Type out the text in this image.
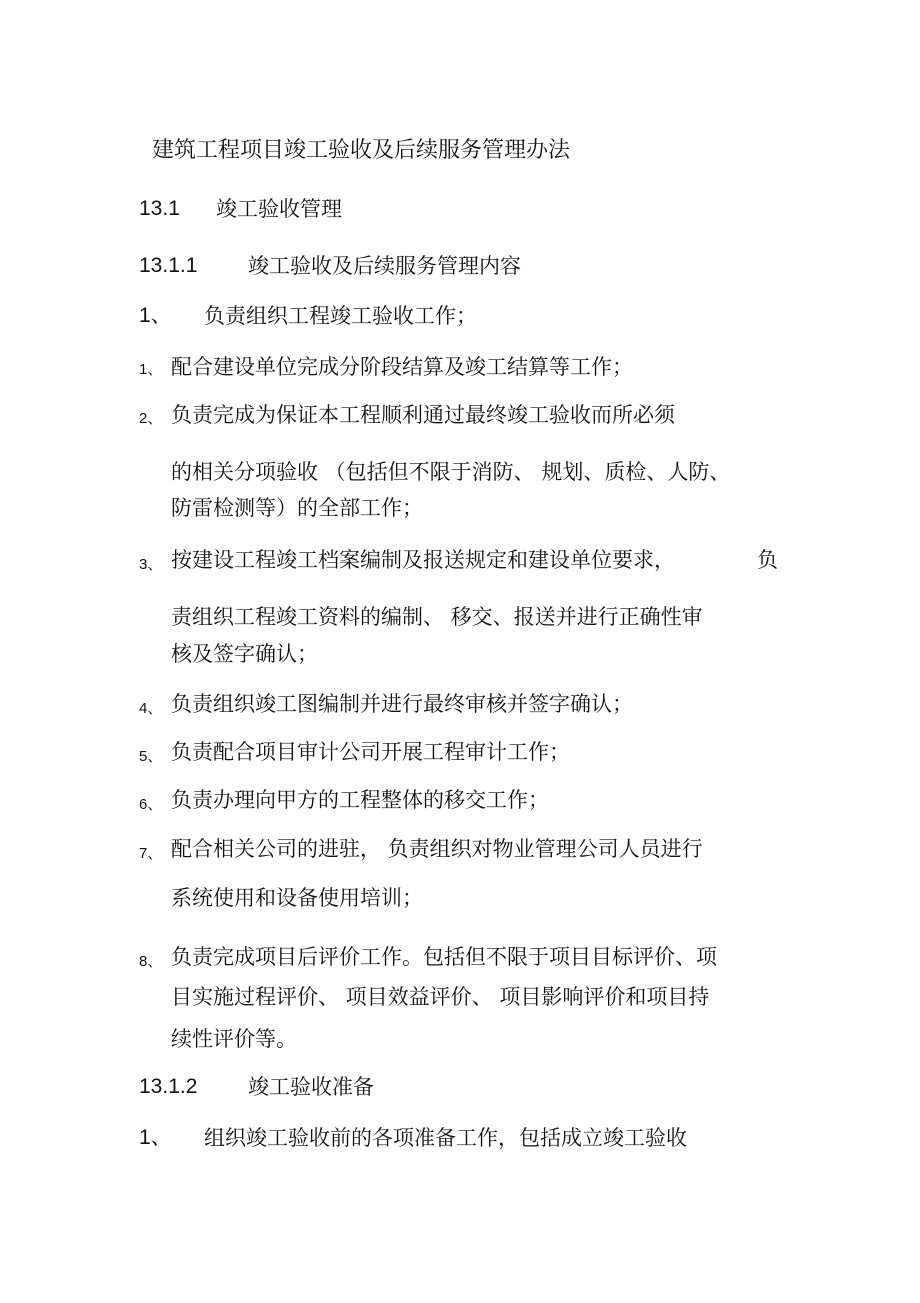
建筑工程项目竣工验收及后续服务管理办法
13.1 竣工验收管理
13.1.1 竣工验收及后续服务管理内容
1、 负责组织工程竣工验收工作；
1、 配合建设单位完成分阶段结算及竣工结算等工作；
2、 负责完成为保证本工程顺利通过最终竣工验收而所必须
的相关分项验收 （包括但不限于消防、 规划、质检、人防、
防雷检测等）的全部工作；
3、 按建设工程竣工档案编制及报送规定和建设单位要求，	负
责组织工程竣工资料的编制、 移交、报送并进行正确性审
核及签字确认；
4、 负责组织竣工图编制并进行最终审核并签字确认；
5、 负责配合项目审计公司开展工程审计工作；
6、 负责办理向甲方的工程整体的移交工作；
7、 配合相关公司的进驻， 负责组织对物业管理公司人员进行
系统使用和设备使用培训；
8、 负责完成项目后评价工作。包括但不限于项目目标评价、项
目实施过程评价、 项目效益评价、 项目影响评价和项目持
续性评价等。
13.1.2 竣工验收准备
1、 组织竣工验收前的各项准备工作，包括成立竣工验收
